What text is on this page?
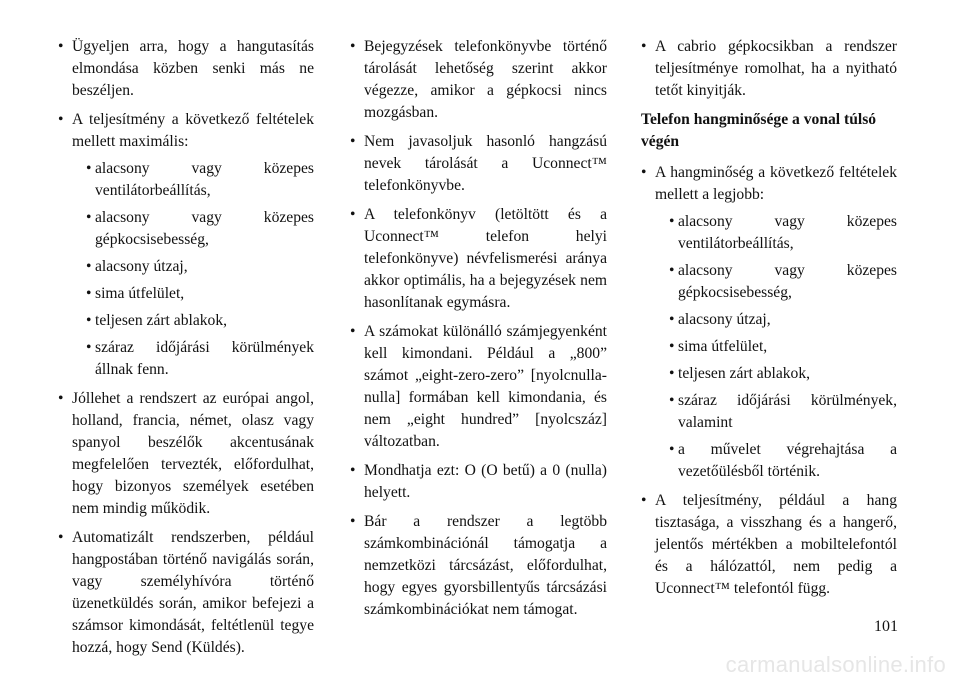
• Ügyeljen arra, hogy a hangutasítás elmondása közben senki más ne beszéljen.
• A teljesítmény a következő feltételek mellett maximális:
• alacsony vagy közepes ventilátorbeállítás,
• alacsony vagy közepes gépkocsisebesség,
• alacsony útzaj,
• sima útfelület,
• teljesen zárt ablakok,
• száraz időjárási körülmények állnak fenn.
• Jóllehet a rendszert az európai angol, holland, francia, német, olasz vagy spanyol beszélők akcentusának megfelelően tervezték, előfordulhat, hogy bizonyos személyek esetében nem mindig működik.
• Automatizált rendszerben, például hangpostában történő navigálás során, vagy személyhívóra történő üzenetküldés során, amikor befejezi a számsor kimondását, feltétlenül tegye hozzá, hogy Send (Küldés).
• Bejegyzések telefonkönyvbe történő tárolását lehetőség szerint akkor végezze, amikor a gépkocsi nincs mozgásban.
• Nem javasoljuk hasonló hangzású nevek tárolását a Uconnect™ telefonkönyvbe.
• A telefonkönyv (letöltött és a Uconnect™ telefon helyi telefonkönyve) névfelismerési aránya akkor optimális, ha a bejegyzések nem hasonlítanak egymásra.
• A számokat különálló számjegyenként kell kimondani. Például a „800” számot „eight-zero-zero” [nyolcnulla-nulla] formában kell kimondania, és nem „eight hundred” [nyolcszáz] változatban.
• Mondhatja ezt: O (O betű) a 0 (nulla) helyett.
• Bár a rendszer a legtöbb számkombinációnál támogatja a nemzetközi tárcsázást, előfordulhat, hogy egyes gyorsbillentyűs tárcsázási számkombinációkat nem támogat.
• A cabrio gépkocsikban a rendszer teljesítménye romolhat, ha a nyitható tetőt kinyitják.
Telefon hangminősége a vonal túlsó végén
• A hangminőség a következő feltételek mellett a legjobb:
• alacsony vagy közepes ventilátorbeállítás,
• alacsony vagy közepes gépkocsisebesség,
• alacsony útzaj,
• sima útfelület,
• teljesen zárt ablakok,
• száraz időjárási körülmények, valamint
• a művelet végrehajtása a vezetőülésből történik.
• A teljesítmény, például a hang tisztasága, a visszhang és a hangerő, jelentős mértékben a mobiltelefontól és a hálózattól, nem pedig a Uconnect™ telefontól függ.
101
carmanualsonline.info
